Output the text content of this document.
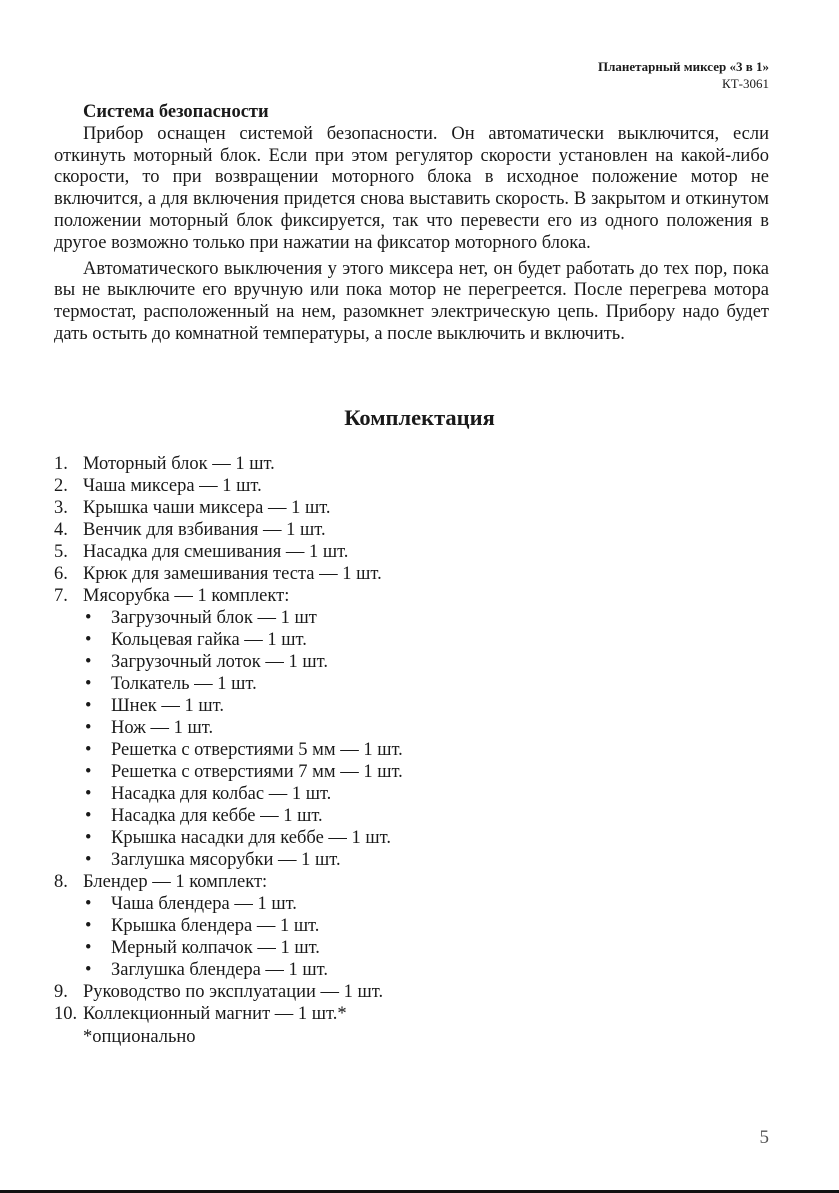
Планетарный миксер «3 в 1»
КТ-3061
Система безопасности

Прибор оснащен системой безопасности. Он автоматически выключится, если откинуть моторный блок. Если при этом регулятор скорости установлен на какой-либо скорости, то при возвращении моторного блока в исходное положение мотор не включится, а для включения придется снова выставить скорость. В закрытом и откинутом положении моторный блок фиксируется, так что перевести его из одного положения в другое возможно только при нажатии на фиксатор моторного блока.

Автоматического выключения у этого миксера нет, он будет работать до тех пор, пока вы не выключите его вручную или пока мотор не перегреется. После перегрева мотора термостат, расположенный на нем, разомкнет электрическую цепь. Прибору надо будет дать остыть до комнатной температуры, а после выключить и включить.

Комплектация
1. Моторный блок — 1 шт.
2. Чаша миксера — 1 шт.
3. Крышка чаши миксера — 1 шт.
4. Венчик для взбивания — 1 шт.
5. Насадка для смешивания — 1 шт.
6. Крюк для замешивания теста — 1 шт.
7. Мясорубка — 1 комплект:
• Загрузочный блок — 1 шт
• Кольцевая гайка — 1 шт.
• Загрузочный лоток — 1 шт.
• Толкатель — 1 шт.
• Шнек — 1 шт.
• Нож — 1 шт.
• Решетка с отверстиями 5 мм — 1 шт.
• Решетка с отверстиями 7 мм — 1 шт.
• Насадка для колбас — 1 шт.
• Насадка для кеббе — 1 шт.
• Крышка насадки для кеббе — 1 шт.
• Заглушка мясорубки — 1 шт.
8. Блендер — 1 комплект:
• Чаша блендера — 1 шт.
• Крышка блендера — 1 шт.
• Мерный колпачок — 1 шт.
• Заглушка блендера — 1 шт.
9. Руководство по эксплуатации — 1 шт.
10. Коллекционный магнит — 1 шт.*
*опционально
5
